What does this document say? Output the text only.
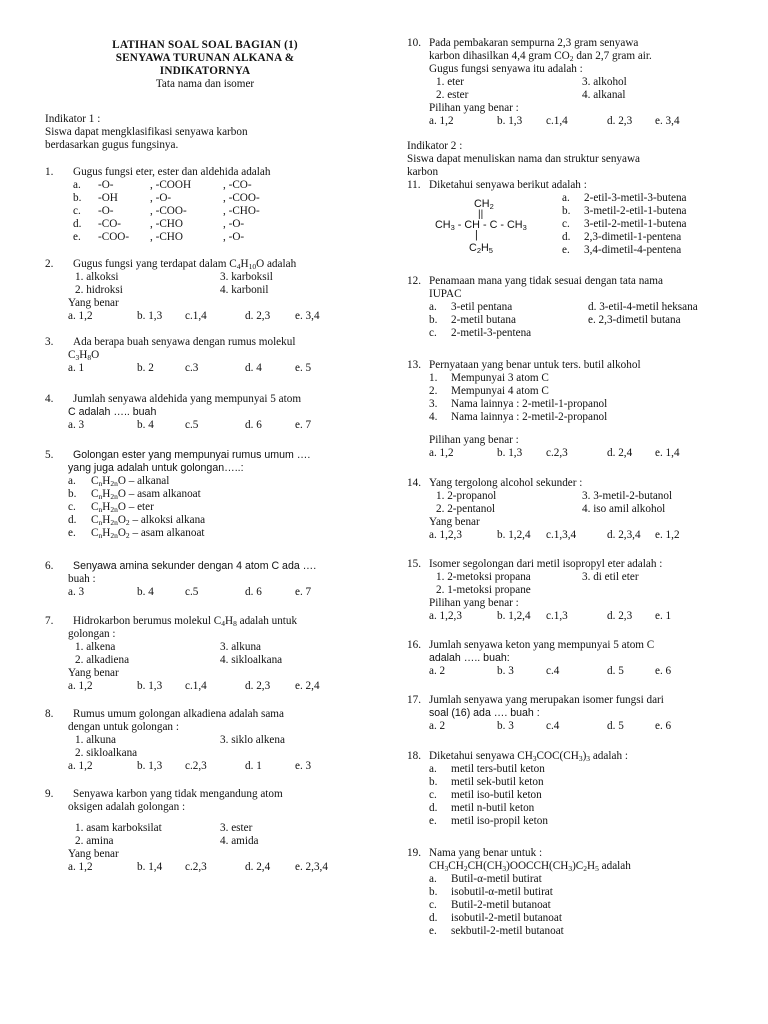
LATIHAN SOAL SOAL BAGIAN (1)
SENYAWA TURUNAN ALKANA &
INDIKATORNYA
Tata nama dan isomer
Indikator 1 :
Siswa dapat mengklasifikasi senyawa karbon
berdasarkan gugus fungsinya.
1. Gugus fungsi eter, ester dan aldehida adalah
a. -O-	, -COOH	, -CO-
b. -OH	, -O-	, -COO-
c. -O-	, -COO-	, -CHO-
d. -CO-	, -CHO	, -O-
e. -COO- , -CHO	, -O-
2. Gugus fungsi yang terdapat dalam $C_4H_{10}O$ adalah
1. alkoksi	3. karboksil
2. hidroksi	4. karbonil
Yang benar
a. 1,2	b. 1,3 c.1,4	d. 2,3 e. 3,4
3. Ada berapa buah senyawa dengan rumus molekul
$C_3H_8O$
a. 1	b. 2	c.3	d. 4	e. 5
4. Jumlah senyawa aldehida yang mempunyai 5 atom
C adalah ….. buah
a. 3	b. 4	c.5	d. 6	e. 7
5. Golongan ester yang mempunyai rumus umum ….
yang juga adalah untuk golongan…..:
a. $C_nH_{2n}O$ – alkanal
b. $C_nH_{2n}O$ – asam alkanoat
c. $C_nH_{2n}O$ – eter
d. $C_nH_{2n}O_2$ – alkoksi alkana
e. $C_nH_{2n}O_2$ – asam alkanoat
6. Senyawa amina sekunder dengan 4 atom C ada ….
buah :
a. 3	b. 4	c.5	d. 6	e. 7
7. Hidrokarbon berumus molekul $C_4H_8$ adalah untuk
golongan :
1. alkena	3. alkuna
2. alkadiena	4. sikloalkana
Yang benar
a. 1,2	b. 1,3 c.1,4	d. 2,3 e. 2,4
8. Rumus umum golongan alkadiena adalah sama
dengan untuk golongan :
1. alkuna	3. siklo alkena
2. sikloalkana
a. 1,2	b. 1,3 c.2,3	d. 1	e. 3
9. Senyawa karbon yang tidak mengandung atom
oksigen adalah golongan :
1. asam karboksilat	3. ester
2. amina	4. amida
Yang benar
a. 1,2	b. 1,4 c.2,3	d. 2,4 e. 2,3,4
10. Pada pembakaran sempurna 2,3 gram senyawa
karbon dihasilkan 4,4 gram $CO_2$ dan 2,7 gram air.
Gugus fungsi senyawa itu adalah :
1. eter	3. alkohol
2. ester	4. alkanal
Pilihan yang benar :
a. 1,2	b. 1,3 c.1,4	d. 2,3 e. 3,4
Indikator 2 :
Siswa dapat menuliskan nama dan struktur senyawa
karbon
11. Diketahui senyawa berikut adalah :
$CH_2$
||
$CH_3$ - CH - C - $CH_3$
|
$C_2H_5$
a. 2-etil-3-metil-3-butena
b. 3-metil-2-etil-1-butena
c. 3-etil-2-metil-1-butena
d. 2,3-dimetil-1-pentena
e. 3,4-dimetil-4-pentena
12. Penamaan mana yang tidak sesuai dengan tata nama
IUPAC
a. 3-etil pentana	d. 3-etil-4-metil heksana
b. 2-metil butana	e. 2,3-dimetil butana
c. 2-metil-3-pentena
13. Pernyataan yang benar untuk ters. butil alkohol
1. Mempunyai 3 atom C
2. Mempunyai 4 atom C
3. Nama lainnya : 2-metil-1-propanol
4. Nama lainnya : 2-metil-2-propanol
Pilihan yang benar :
a. 1,2	b. 1,3 c.2,3	d. 2,4 e. 1,4
14. Yang tergolong alcohol sekunder :
1. 2-propanol	3. 3-metil-2-butanol
2. 2-pentanol	4. iso amil alkohol
Yang benar
a. 1,2,3	b. 1,2,4 c.1,3,4	d. 2,3,4 e. 1,2
15. Isomer segolongan dari metil isopropyl eter adalah :
1. 2-metoksi propana	3. di etil eter
2. 1-metoksi propane
Pilihan yang benar :
a. 1,2,3	b. 1,2,4 c.1,3	d. 2,3 e. 1
16. Jumlah senyawa keton yang mempunyai 5 atom C
adalah ….. buah:
a. 2	b. 3	c.4	d. 5	e. 6
17. Jumlah senyawa yang merupakan isomer fungsi dari
soal (16) ada …. buah :
a. 2	b. 3	c.4	d. 5	e. 6
18. Diketahui senyawa $CH_3COC(CH_3)_3$ adalah :
a. metil ters-butil keton
b. metil sek-butil keton
c. metil iso-butil keton
d. metil n-butil keton
e. metil iso-propil keton
19. Nama yang benar untuk :
$CH_3CH_2CH(CH_3)OOCCH(CH_3)C_2H_5$ adalah
a. Butil-α-metil butirat
b. isobutil-α-metil butirat
c. Butil-2-metil butanoat
d. isobutil-2-metil butanoat
e. sekbutil-2-metil butanoat
